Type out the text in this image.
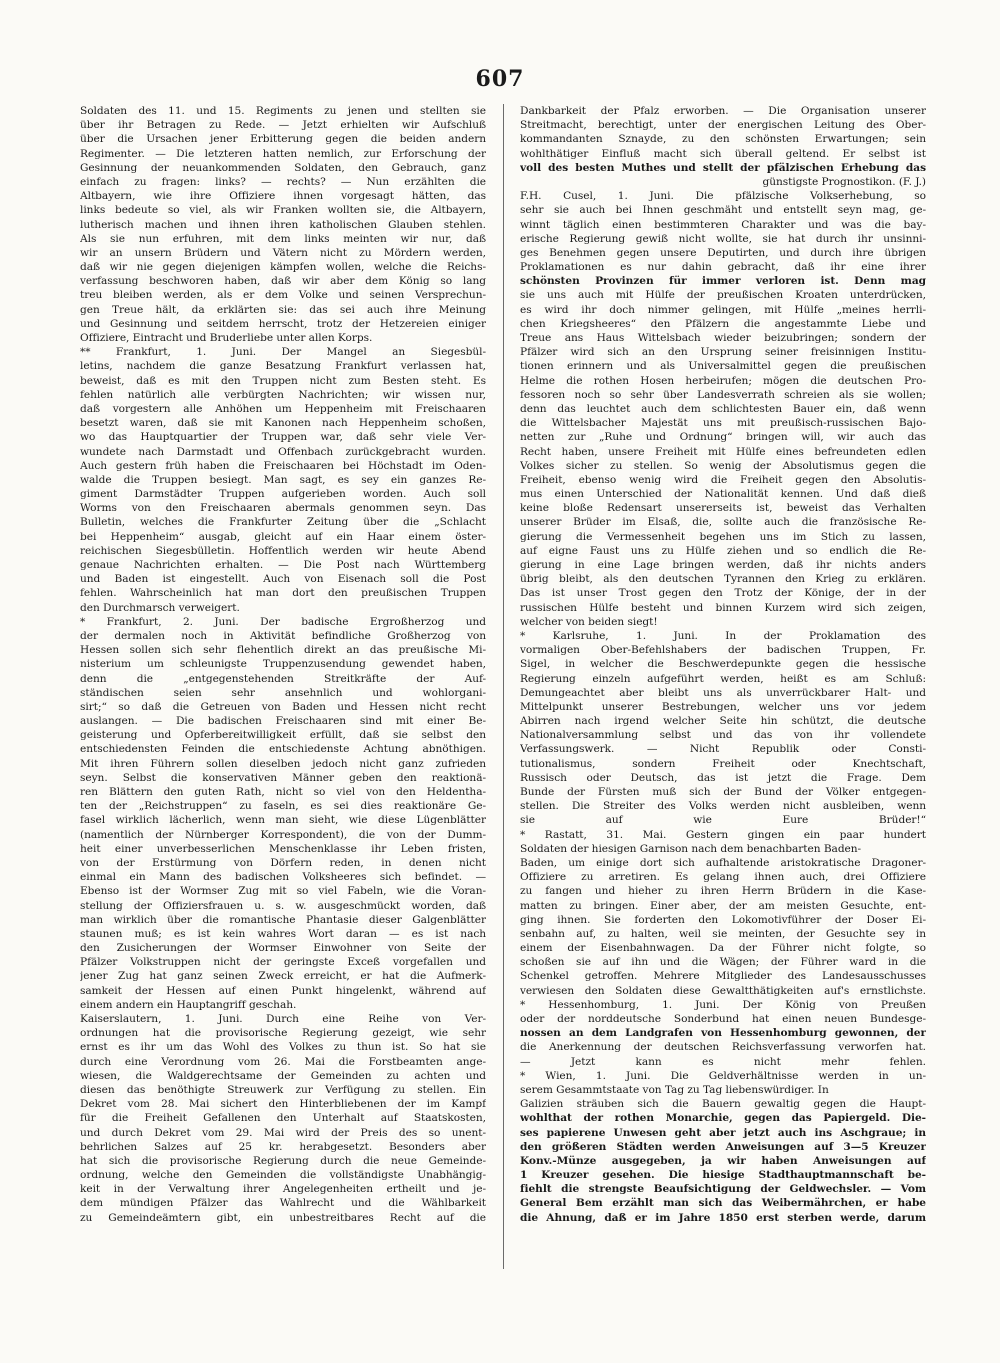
607
Soldaten des 11. und 15. Regiments zu jenen und stellten sie
über ihr Betragen zu Rede. — Jetzt erhielten wir Aufschluß
über die Ursachen jener Erbitterung gegen die beiden andern
Regimenter. — Die letzteren hatten nemlich, zur Erforschung der
Gesinnung der neuankommenden Soldaten, den Gebrauch, ganz
einfach zu fragen: links? — rechts? — Nun erzählten die
Altbayern, wie ihre Offiziere ihnen vorgesagt hätten, das
links bedeute so viel, als wir Franken wollten sie, die Altbayern,
lutherisch machen und ihnen ihren katholischen Glauben stehlen.
Als sie nun erfuhren, mit dem links meinten wir nur, daß
wir an unsern Brüdern und Vätern nicht zu Mördern werden,
daß wir nie gegen diejenigen kämpfen wollen, welche die Reichs-
verfassung beschworen haben, daß wir aber dem König so lang
treu bleiben werden, als er dem Volke und seinen Versprechun-
gen Treue hält, da erklärten sie: das sei auch ihre Meinung
und Gesinnung und seitdem herrscht, trotz der Hetzereien einiger
Offiziere, Eintracht und Bruderliebe unter allen Korps.
** Frankfurt, 1. Juni. Der Mangel an Siegesbül-
letins, nachdem die ganze Besatzung Frankfurt verlassen hat,
beweist, daß es mit den Truppen nicht zum Besten steht. Es
fehlen natürlich alle verbürgten Nachrichten; wir wissen nur,
daß vorgestern alle Anhöhen um Heppenheim mit Freischaaren
besetzt waren, daß sie mit Kanonen nach Heppenheim schoßen,
wo das Hauptquartier der Truppen war, daß sehr viele Ver-
wundete nach Darmstadt und Offenbach zurückgebracht wurden.
Auch gestern früh haben die Freischaaren bei Höchstadt im Oden-
walde die Truppen besiegt. Man sagt, es sey ein ganzes Re-
giment Darmstädter Truppen aufgerieben worden. Auch soll
Worms von den Freischaaren abermals genommen seyn. Das
Bulletin, welches die Frankfurter Zeitung über die „Schlacht
bei Heppenheim“ ausgab, gleicht auf ein Haar einem öster-
reichischen Siegesbülletin. Hoffentlich werden wir heute Abend
genaue Nachrichten erhalten. — Die Post nach Württemberg
und Baden ist eingestellt. Auch von Eisenach soll die Post
fehlen. Wahrscheinlich hat man dort den preußischen Truppen
den Durchmarsch verweigert.
* Frankfurt, 2. Juni. Der badische Ergroßherzog und
der dermalen noch in Aktivität befindliche Großherzog von
Hessen sollen sich sehr flehentlich direkt an das preußische Mi-
nisterium um schleunigste Truppenzusendung gewendet haben,
denn die „entgegenstehenden Streitkräfte der Auf-
ständischen seien sehr ansehnlich und wohlorgani-
sirt;“ so daß die Getreuen von Baden und Hessen nicht recht
auslangen. — Die badischen Freischaaren sind mit einer Be-
geisterung und Opferbereitwilligkeit erfüllt, daß sie selbst den
entschiedensten Feinden die entschiedenste Achtung abnöthigen.
Mit ihren Führern sollen dieselben jedoch nicht ganz zufrieden
seyn. Selbst die konservativen Männer geben den reaktionä-
ren Blättern den guten Rath, nicht so viel von den Heldentha-
ten der „Reichstruppen“ zu faseln, es sei dies reaktionäre Ge-
fasel wirklich lächerlich, wenn man sieht, wie diese Lügenblätter
(namentlich der Nürnberger Korrespondent), die von der Dumm-
heit einer unverbesserlichen Menschenklasse ihr Leben fristen,
von der Erstürmung von Dörfern reden, in denen nicht
einmal ein Mann des badischen Volksheeres sich befindet. —
Ebenso ist der Wormser Zug mit so viel Fabeln, wie die Voran-
stellung der Offiziersfrauen u. s. w. ausgeschmückt worden, daß
man wirklich über die romantische Phantasie dieser Galgenblätter
staunen muß; es ist kein wahres Wort daran — es ist nach
den Zusicherungen der Wormser Einwohner von Seite der
Pfälzer Volkstruppen nicht der geringste Exceß vorgefallen und
jener Zug hat ganz seinen Zweck erreicht, er hat die Aufmerk-
samkeit der Hessen auf einen Punkt hingelenkt, während auf
einem andern ein Hauptangriff geschah.
Kaiserslautern, 1. Juni. Durch eine Reihe von Ver-
ordnungen hat die provisorische Regierung gezeigt, wie sehr
ernst es ihr um das Wohl des Volkes zu thun ist. So hat sie
durch eine Verordnung vom 26. Mai die Forstbeamten ange-
wiesen, die Waldgerechtsame der Gemeinden zu achten und
diesen das benöthigte Streuwerk zur Verfügung zu stellen. Ein
Dekret vom 28. Mai sichert den Hinterbliebenen der im Kampf
für die Freiheit Gefallenen den Unterhalt auf Staatskosten,
und durch Dekret vom 29. Mai wird der Preis des so unent-
behrlichen Salzes auf 25 kr. herabgesetzt. Besonders aber
hat sich die provisorische Regierung durch die neue Gemeinde-
ordnung, welche den Gemeinden die vollständigste Unabhängig-
keit in der Verwaltung ihrer Angelegenheiten ertheilt und je-
dem mündigen Pfälzer das Wahlrecht und die Wählbarkeit
zu Gemeindeämtern gibt, ein unbestreitbares Recht auf die
Dankbarkeit der Pfalz erworben. — Die Organisation unserer
Streitmacht, berechtigt, unter der energischen Leitung des Ober-
kommandanten Sznayde, zu den schönsten Erwartungen; sein
wohlthätiger Einfluß macht sich überall geltend. Er selbst ist
voll des besten Muthes und stellt der pfälzischen Erhebung das
günstigste Prognostikon. (F. J.)
F.H. Cusel, 1. Juni. Die pfälzische Volkserhebung, so
sehr sie auch bei Ihnen geschmäht und entstellt seyn mag, ge-
winnt täglich einen bestimmteren Charakter und was die bay-
erische Regierung gewiß nicht wollte, sie hat durch ihr unsinni-
ges Benehmen gegen unsere Deputirten, und durch ihre übrigen
Proklamationen es nur dahin gebracht, daß ihr eine ihrer
schönsten Provinzen für immer verloren ist. Denn mag
sie uns auch mit Hülfe der preußischen Kroaten unterdrücken,
es wird ihr doch nimmer gelingen, mit Hülfe „meines herrli-
chen Kriegsheeres“ den Pfälzern die angestammte Liebe und
Treue ans Haus Wittelsbach wieder beizubringen; sondern der
Pfälzer wird sich an den Ursprung seiner freisinnigen Institu-
tionen erinnern und als Universalmittel gegen die preußischen
Helme die rothen Hosen herbeirufen; mögen die deutschen Pro-
fessoren noch so sehr über Landesverrath schreien als sie wollen;
denn das leuchtet auch dem schlichtesten Bauer ein, daß wenn
die Wittelsbacher Majestät uns mit preußisch-russischen Bajo-
netten zur „Ruhe und Ordnung“ bringen will, wir auch das
Recht haben, unsere Freiheit mit Hülfe eines befreundeten edlen
Volkes sicher zu stellen. So wenig der Absolutismus gegen die
Freiheit, ebenso wenig wird die Freiheit gegen den Absolutis-
mus einen Unterschied der Nationalität kennen. Und daß dieß
keine bloße Redensart unsererseits ist, beweist das Verhalten
unserer Brüder im Elsaß, die, sollte auch die französische Re-
gierung die Vermessenheit begehen uns im Stich zu lassen,
auf eigne Faust uns zu Hülfe ziehen und so endlich die Re-
gierung in eine Lage bringen werden, daß ihr nichts anders
übrig bleibt, als den deutschen Tyrannen den Krieg zu erklären.
Das ist unser Trost gegen den Trotz der Könige, der in der
russischen Hülfe besteht und binnen Kurzem wird sich zeigen,
welcher von beiden siegt!
* Karlsruhe, 1. Juni. In der Proklamation des
vormaligen Ober-Befehlshabers der badischen Truppen, Fr.
Sigel, in welcher die Beschwerdepunkte gegen die hessische
Regierung einzeln aufgeführt werden, heißt es am Schluß:
Demungeachtet aber bleibt uns als unverrückbarer Halt- und
Mittelpunkt unserer Bestrebungen, welcher uns vor jedem
Abirren nach irgend welcher Seite hin schützt, die deutsche
Nationalversammlung selbst und das von ihr vollendete
Verfassungswerk. — Nicht Republik oder Consti-
tutionalismus, sondern Freiheit oder Knechtschaft,
Russisch oder Deutsch, das ist jetzt die Frage. Dem
Bunde der Fürsten muß sich der Bund der Völker entgegen-
stellen. Die Streiter des Volks werden nicht ausbleiben, wenn
sie auf wie Eure Brüder!“
* Rastatt, 31. Mai. Gestern gingen ein paar hundert
Soldaten der hiesigen Garnison nach dem benachbarten Baden-
Baden, um einige dort sich aufhaltende aristokratische Dragoner-
Offiziere zu arretiren. Es gelang ihnen auch, drei Offiziere
zu fangen und hieher zu ihren Herrn Brüdern in die Kase-
matten zu bringen. Einer aber, der am meisten Gesuchte, ent-
ging ihnen. Sie forderten den Lokomotivführer der Doser Ei-
senbahn auf, zu halten, weil sie meinten, der Gesuchte sey in
einem der Eisenbahnwagen. Da der Führer nicht folgte, so
schoßen sie auf ihn und die Wägen; der Führer ward in die
Schenkel getroffen. Mehrere Mitglieder des Landesausschusses
verwiesen den Soldaten diese Gewaltthätigkeiten auf's ernstlichste.
* Hessenhomburg, 1. Juni. Der König von Preußen
oder der norddeutsche Sonderbund hat einen neuen Bundesge-
nossen an dem Landgrafen von Hessenhomburg gewonnen, der
die Anerkennung der deutschen Reichsverfassung verworfen hat.
— Jetzt kann es nicht mehr fehlen.
* Wien, 1. Juni. Die Geldverhältnisse werden in un-
serem Gesammtstaate von Tag zu Tag liebenswürdiger. In
Galizien sträuben sich die Bauern gewaltig gegen die Haupt-
wohlthat der rothen Monarchie, gegen das Papiergeld. Die-
ses papierene Unwesen geht aber jetzt auch ins Aschgraue; in
den größeren Städten werden Anweisungen auf 3—5 Kreuzer
Konv.-Münze ausgegeben, ja wir haben Anweisungen auf
1 Kreuzer gesehen. Die hiesige Stadthauptmannschaft be-
fiehlt die strengste Beaufsichtigung der Geldwechsler. — Vom
General Bem erzählt man sich das Weibermährchen, er habe
die Ahnung, daß er im Jahre 1850 erst sterben werde, darum
